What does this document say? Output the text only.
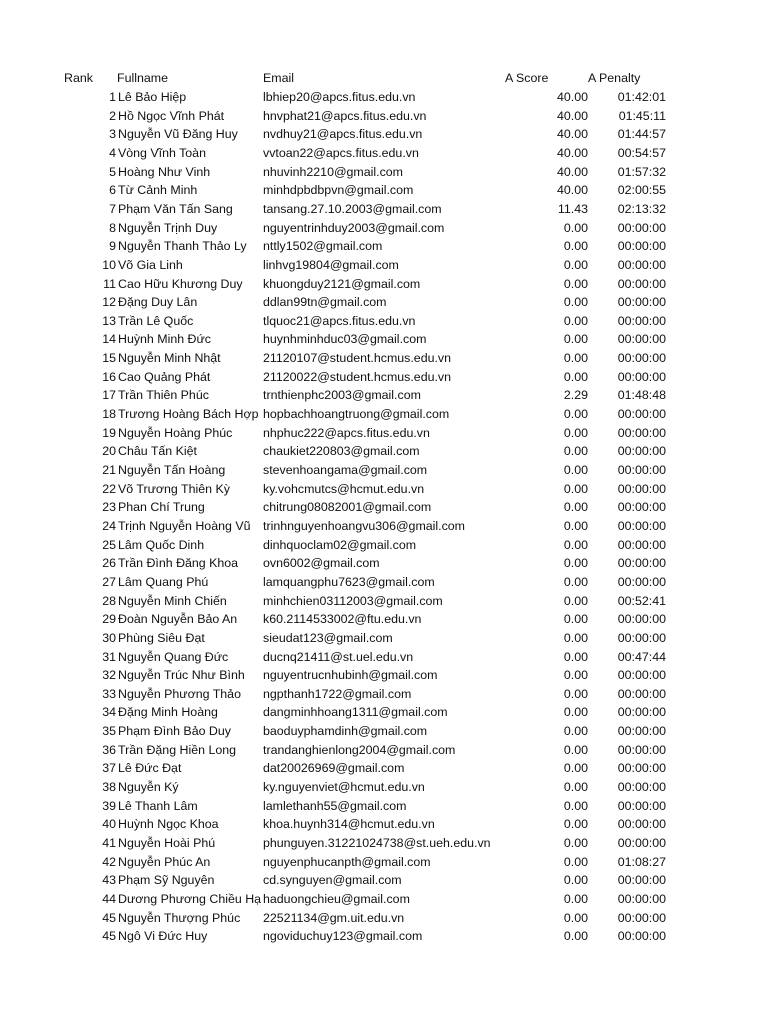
Rank Fullname	Email	A Score	A Penalty
1 Lê Bảo Hiệp	lbhiep20@apcs.fitus.edu.vn	40.00 01:42:01
2 Hồ Ngọc Vĩnh Phát	hnvphat21@apcs.fitus.edu.vn	40.00 01:45:11
3 Nguyễn Vũ Đăng Huy nvdhuy21@apcs.fitus.edu.vn	40.00 01:44:57
4 Vòng Vĩnh Toàn	vvtoan22@apcs.fitus.edu.vn	40.00 00:54:57
5 Hoàng Như Vinh	nhuvinh2210@gmail.com	40.00 01:57:32
6 Từ Cảnh Minh	minhdpbdbpvn@gmail.com	40.00 02:00:55
7 Phạm Văn Tấn Sang tansang.27.10.2003@gmail.com	11.43 02:13:32
8 Nguyễn Trịnh Duy	nguyentrinhduy2003@gmail.com	0.00 00:00:00
9 Nguyễn Thanh Thảo Ly nttly1502@gmail.com	0.00 00:00:00
10 Võ Gia Linh	linhvg19804@gmail.com	0.00 00:00:00
11 Cao Hữu Khương Duy khuongduy2121@gmail.com	0.00 00:00:00
12 Đặng Duy Lân	ddlan99tn@gmail.com	0.00 00:00:00
13 Trần Lê Quốc	tlquoc21@apcs.fitus.edu.vn	0.00 00:00:00
14 Huỳnh Minh Đức	huynhminhduc03@gmail.com	0.00 00:00:00
15 Nguyễn Minh Nhật	21120107@student.hcmus.edu.vn	0.00 00:00:00
16 Cao Quảng Phát	21120022@student.hcmus.edu.vn	0.00 00:00:00
17 Trần Thiên Phúc	trnthienphc2003@gmail.com	2.29 01:48:48
18 Trương Hoàng Bách Hợp hopbachhoangtruong@gmail.com	0.00 00:00:00
19 Nguyễn Hoàng Phúc nhphuc222@apcs.fitus.edu.vn	0.00 00:00:00
20 Châu Tấn Kiệt	chaukiet220803@gmail.com	0.00 00:00:00
21 Nguyễn Tấn Hoàng	stevenhoangama@gmail.com	0.00 00:00:00
22 Võ Trương Thiên Kỳ	ky.vohcmutcs@hcmut.edu.vn	0.00 00:00:00
23 Phan Chí Trung	chitrung08082001@gmail.com	0.00 00:00:00
24 Trịnh Nguyễn Hoàng Vũ trinhnguyenhoangvu306@gmail.com	0.00 00:00:00
25 Lâm Quốc Dinh	dinhquoclam02@gmail.com	0.00 00:00:00
26 Trần Đình Đăng Khoa ovn6002@gmail.com	0.00 00:00:00
27 Lâm Quang Phú	lamquangphu7623@gmail.com	0.00 00:00:00
28 Nguyễn Minh Chiến	minhchien03112003@gmail.com	0.00 00:52:41
29 Đoàn Nguyễn Bảo An k60.2114533002@ftu.edu.vn	0.00 00:00:00
30 Phùng Siêu Đạt	sieudat123@gmail.com	0.00 00:00:00
31 Nguyễn Quang Đức	ducnq21411@st.uel.edu.vn	0.00 00:47:44
32 Nguyễn Trúc Như Bình nguyentrucnhubinh@gmail.com	0.00 00:00:00
33 Nguyễn Phương Thảo ngpthanh1722@gmail.com	0.00 00:00:00
34 Đặng Minh Hoàng	dangminhhoang1311@gmail.com	0.00 00:00:00
35 Phạm Đình Bảo Duy	baoduyphamdinh@gmail.com	0.00 00:00:00
36 Trần Đặng Hiền Long trandanghienlong2004@gmail.com	0.00 00:00:00
37 Lê Đức Đạt	dat20026969@gmail.com	0.00 00:00:00
38 Nguyễn Ký	ky.nguyenviet@hcmut.edu.vn	0.00 00:00:00
39 Lê Thanh Lâm	lamlethanh55@gmail.com	0.00 00:00:00
40 Huỳnh Ngọc Khoa	khoa.huynh314@hcmut.edu.vn	0.00 00:00:00
41 Nguyễn Hoài Phú	phunguyen.31221024738@st.ueh.edu.vn	0.00 00:00:00
42 Nguyễn Phúc An	nguyenphucanpth@gmail.com	0.00 01:08:27
43 Phạm Sỹ Nguyên	cd.synguyen@gmail.com	0.00 00:00:00
44 Dương Phương Chiều Hạ haduongchieu@gmail.com	0.00 00:00:00
45 Nguyễn Thượng Phúc 22521134@gm.uit.edu.vn	0.00 00:00:00
45 Ngô Vi Đức Huy	ngoviduchuy123@gmail.com	0.00 00:00:00
